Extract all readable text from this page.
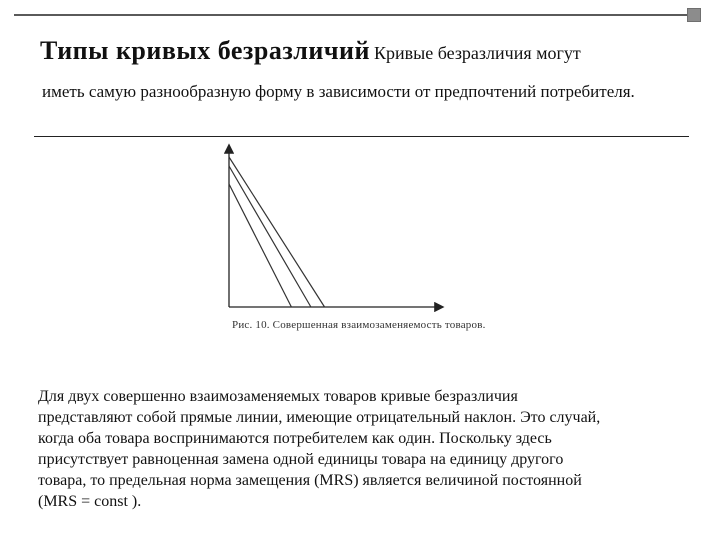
Типы кривых безразличий Кривые безразличия могут
иметь самую разнообразную форму в зависимости от предпочтений потребителя.
Рис. 10. Совершенная взаимозаменяемость товаров.

Для двух совершенно взаимозаменяемых товаров кривые безразличия

представляют собой прямые линии, имеющие отрицательный наклон. Это случай,

когда оба товара воспринимаются потребителем как один. Поскольку здесь

присутствует равноценная замена одной единицы товара на единицу другого

товара, то предельная норма замещения (MRS) является величиной постоянной

(MRS = const ).
